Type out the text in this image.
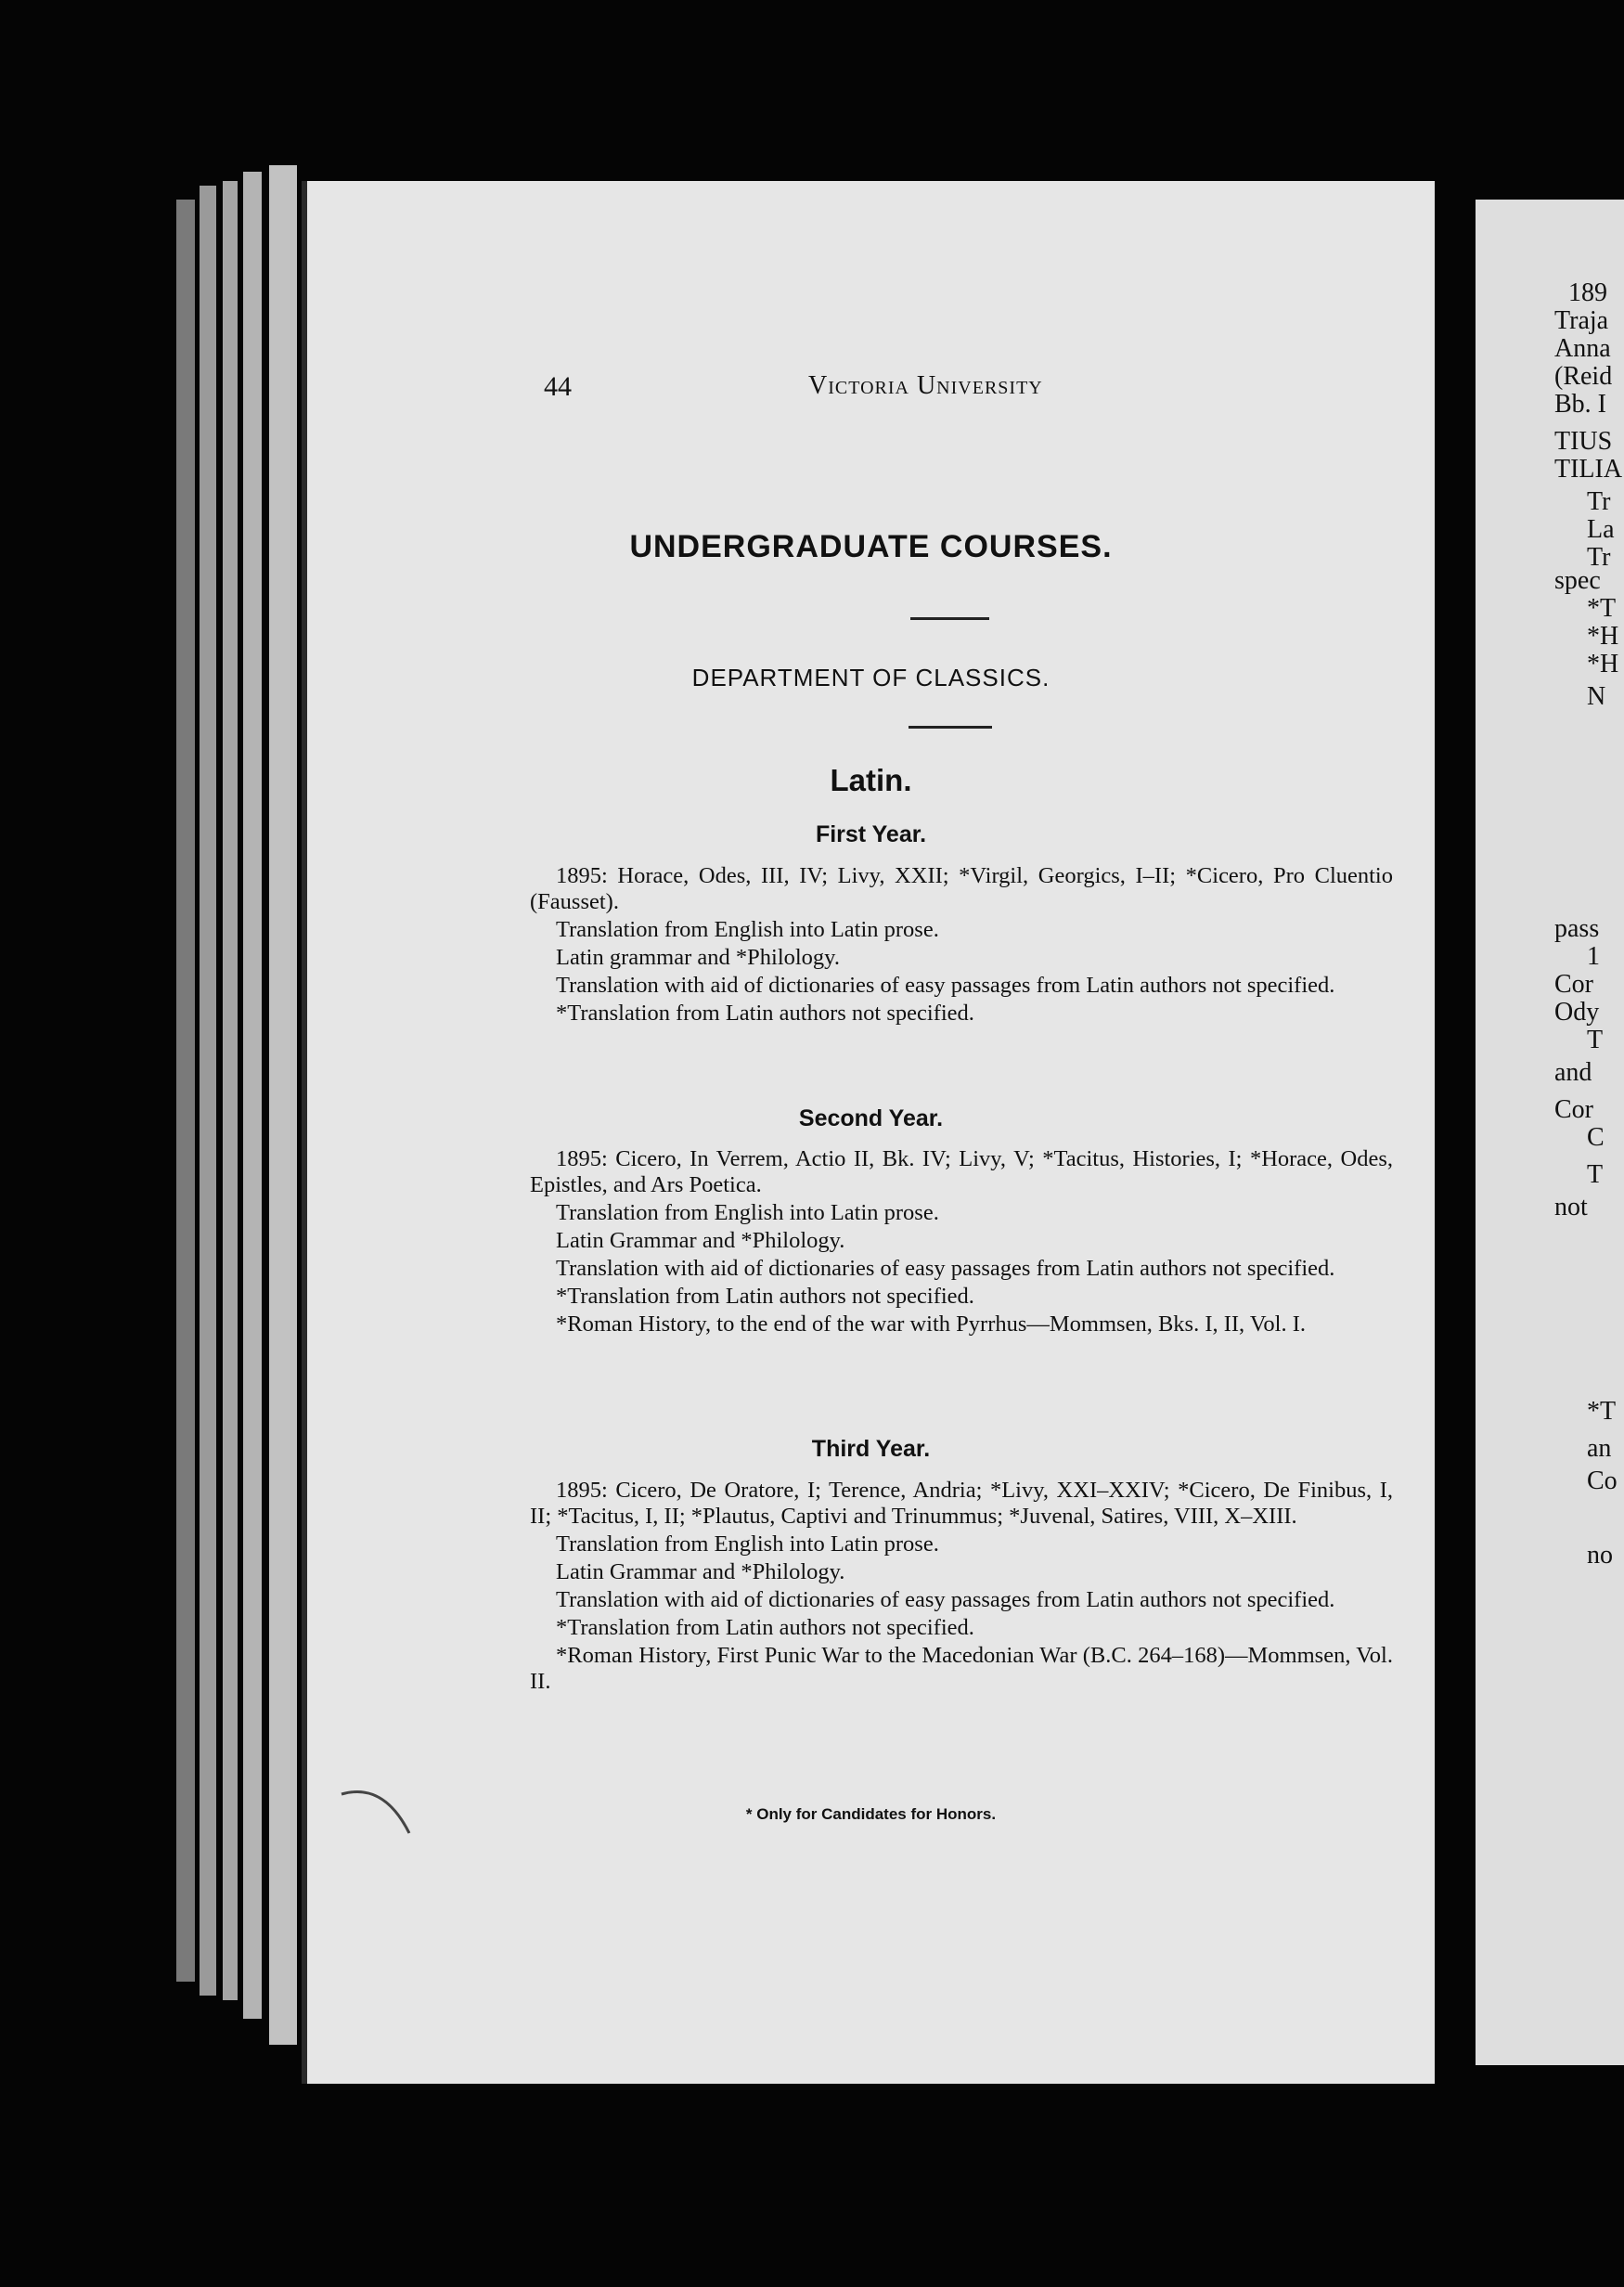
44	Victoria University
UNDERGRADUATE COURSES.
DEPARTMENT OF CLASSICS.
Latin.
First Year.

1895: Horace, Odes, III, IV; Livy, XXII; *Virgil, Georgics, I–II; *Cicero, Pro Cluentio (Fausset).

Translation from English into Latin prose.

Latin grammar and *Philology.

Translation with aid of dictionaries of easy passages from Latin authors not specified.

*Translation from Latin authors not specified.

Second Year.

1895: Cicero, In Verrem, Actio II, Bk. IV; Livy, V; *Tacitus, Histories, I; *Horace, Odes, Epistles, and Ars Poetica.

Translation from English into Latin prose.

Latin Grammar and *Philology.

Translation with aid of dictionaries of easy passages from Latin authors not specified.

*Translation from Latin authors not specified.

*Roman History, to the end of the war with Pyrrhus—Mommsen, Bks. I, II, Vol. I.

Third Year.

1895: Cicero, De Oratore, I; Terence, Andria; *Livy, XXI–XXIV; *Cicero, De Finibus, I, II; *Tacitus, I, II; *Plautus, Captivi and Trinummus; *Juvenal, Satires, VIII, X–XIII.

Translation from English into Latin prose.

Latin Grammar and *Philology.

Translation with aid of dictionaries of easy passages from Latin authors not specified.

*Translation from Latin authors not specified.

*Roman History, First Punic War to the Macedonian War (B.C. 264–168)—Mommsen, Vol. II.

* Only for Candidates for Honors.
189
Traja
Anna
(Reid
Bb. I
TIUS
TILIA
Tr
La
Tr
spec
*T
*H
*H
N
pass
1
Cor
Ody
T
and
Cor
C
T
not
*T
an
Co
no
